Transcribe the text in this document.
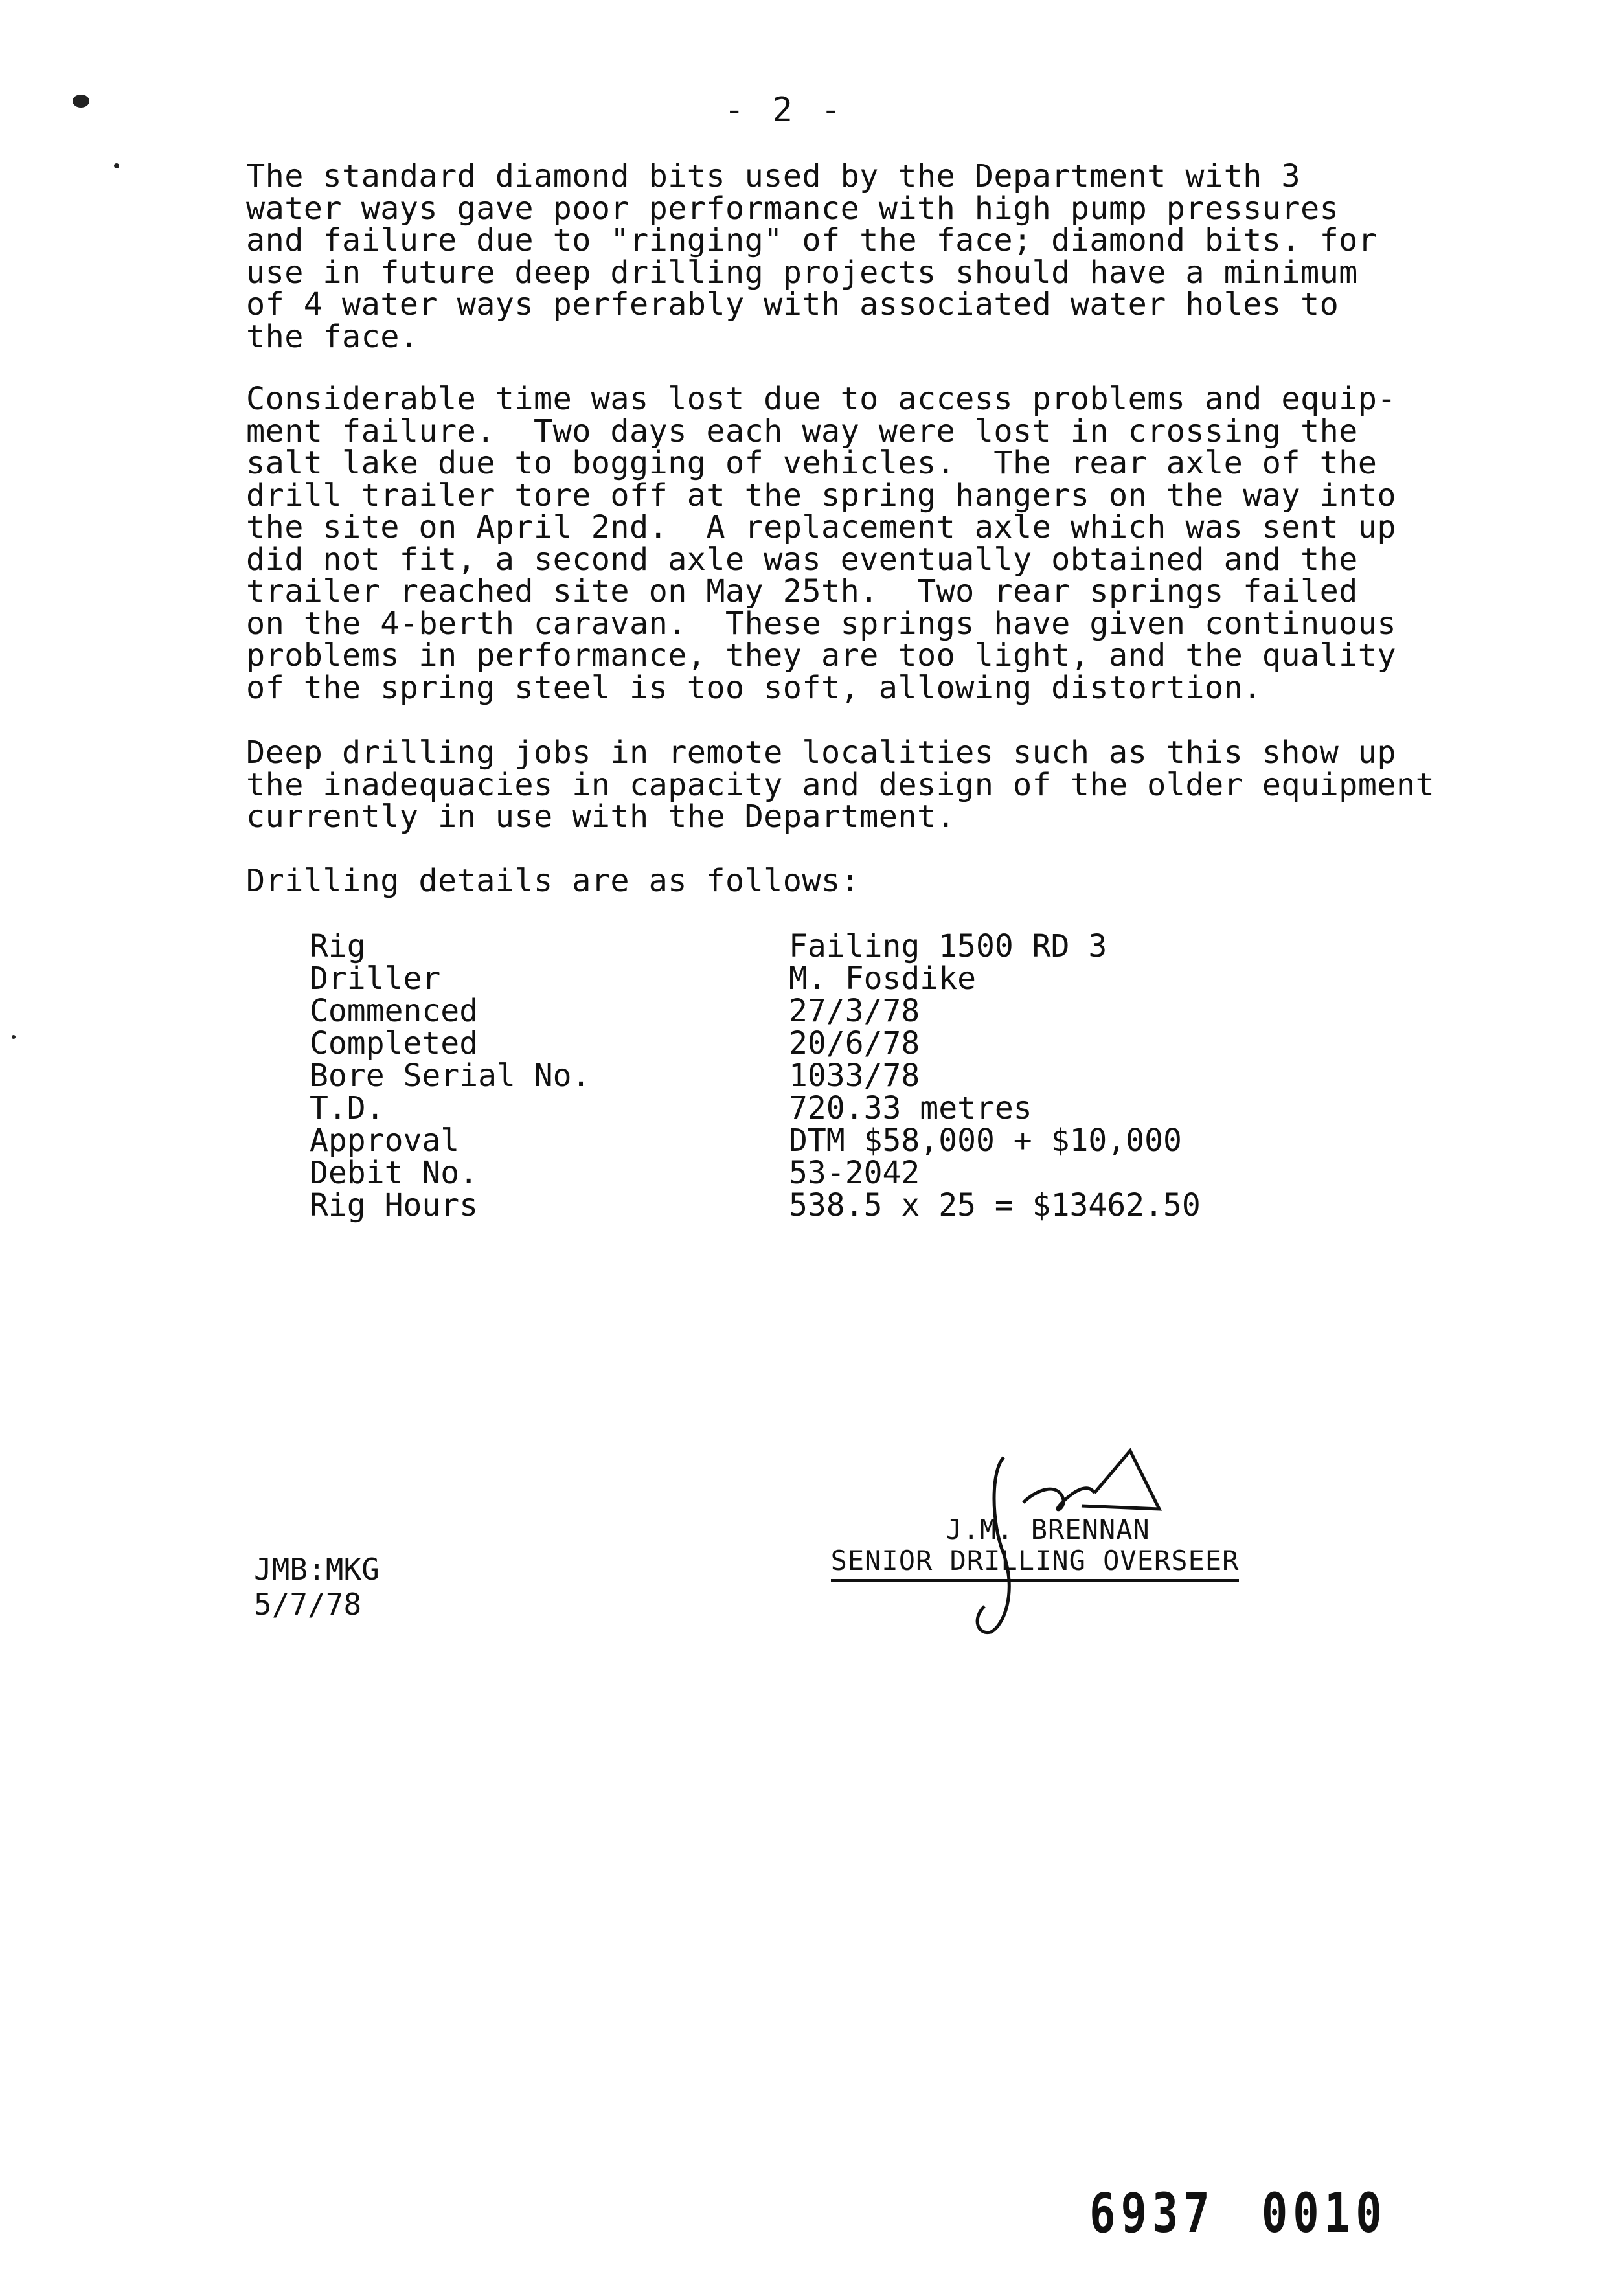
- 2 -

The standard diamond bits used by the Department with 3
water ways gave poor performance with high pump pressures
and failure due to "ringing" of the face; diamond bits. for
use in future deep drilling projects should have a minimum
of 4 water ways perferably with associated water holes to
the face.

Considerable time was lost due to access problems and equip-
ment failure.  Two days each way were lost in crossing the
salt lake due to bogging of vehicles.  The rear axle of the
drill trailer tore off at the spring hangers on the way into
the site on April 2nd.  A replacement axle which was sent up
did not fit, a second axle was eventually obtained and the
trailer reached site on May 25th.  Two rear springs failed
on the 4-berth caravan.  These springs have given continuous
problems in performance, they are too light, and the quality
of the spring steel is too soft, allowing distortion.

Deep drilling jobs in remote localities such as this show up
the inadequacies in capacity and design of the older equipment
currently in use with the Department.

Drilling details are as follows:

Rig	Failing 1500 RD 3
Driller	M. Fosdike
Commenced	27/3/78
Completed	20/6/78
Bore Serial No.	1033/78
T.D.	720.33 metres
Approval	DTM $58,000 + $10,000
Debit No.	53-2042
Rig Hours	538.5 x 25 = $13462.50
J.M. BRENNAN
SENIOR DRILLING OVERSEER
JMB:MKG
5/7/78
6937 0010
